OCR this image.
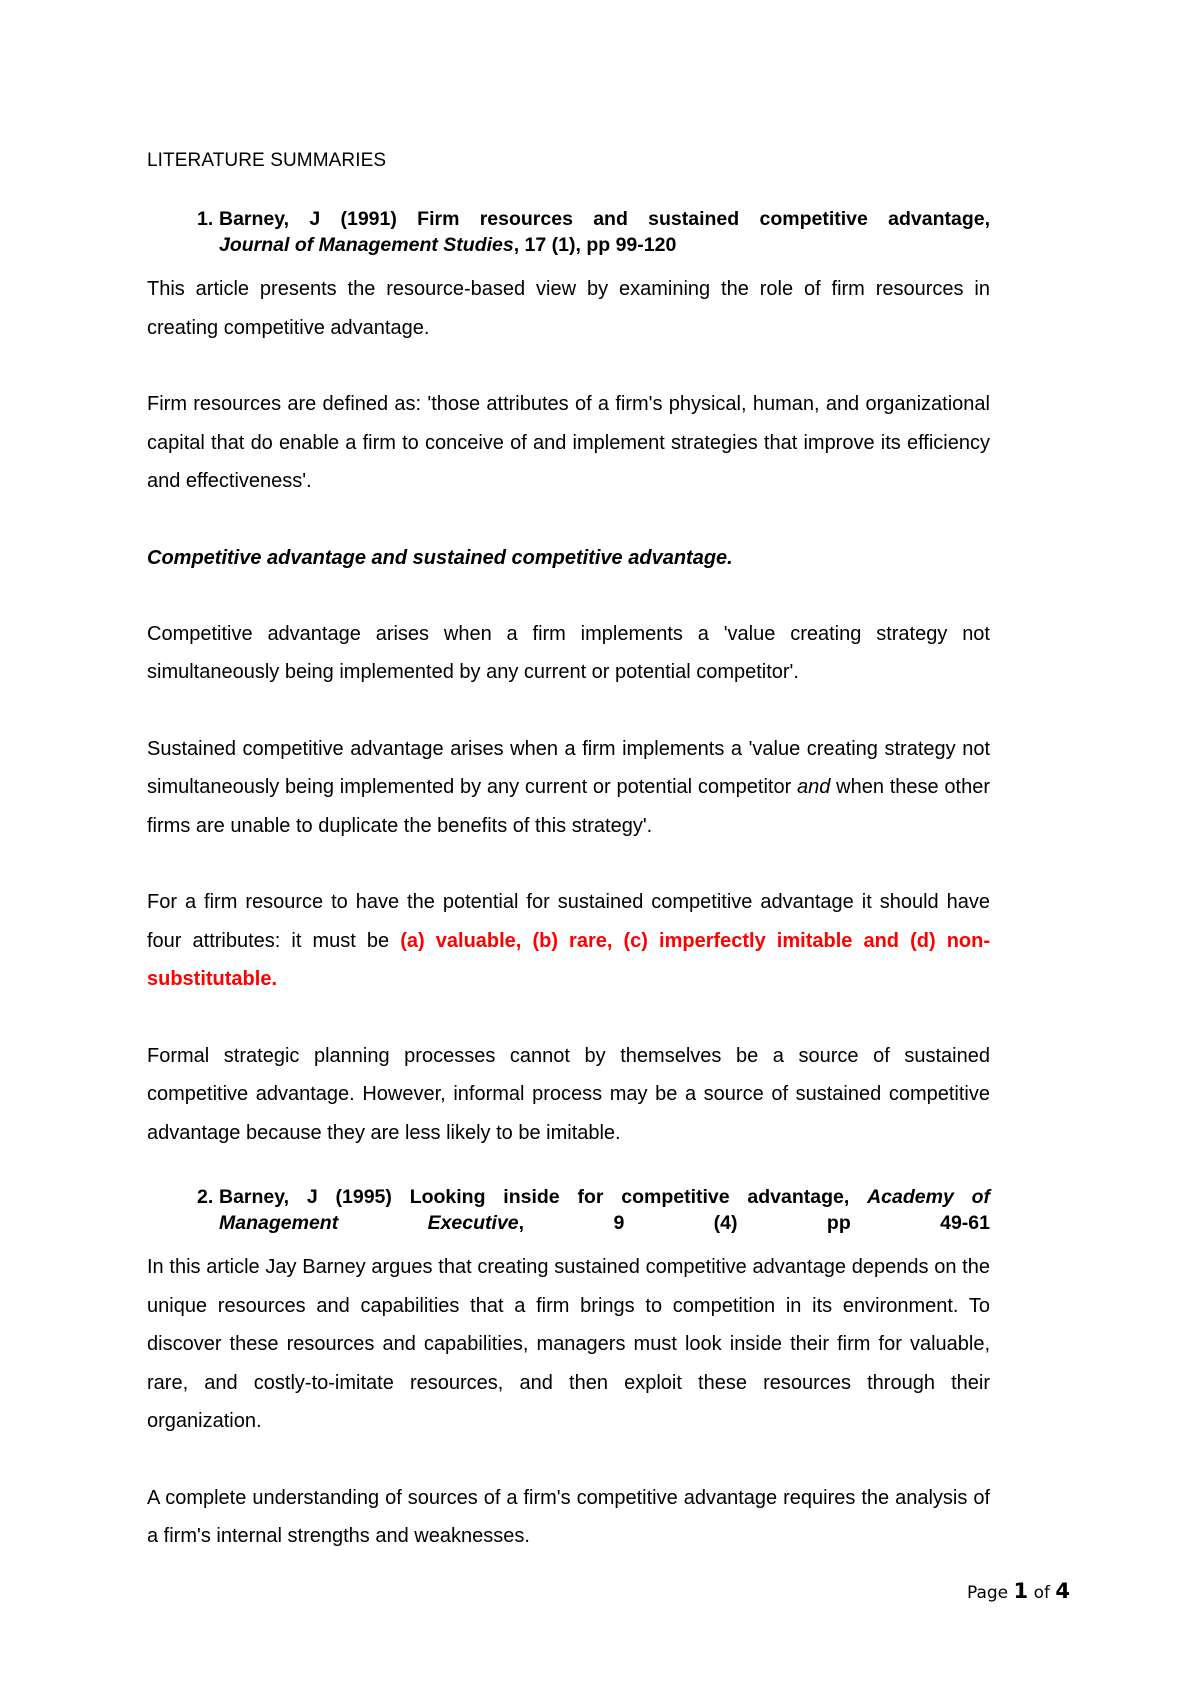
LITERATURE SUMMARIES
1. Barney, J (1991) Firm resources and sustained competitive advantage,
Journal of Management Studies, 17 (1), pp 99-120

This article presents the resource-based view by examining the role of firm resources in creating competitive advantage.

Firm resources are defined as: 'those attributes of a firm's physical, human, and organizational capital that do enable a firm to conceive of and implement strategies that improve its efficiency and effectiveness'.

Competitive advantage and sustained competitive advantage.

Competitive advantage arises when a firm implements a 'value creating strategy not simultaneously being implemented by any current or potential competitor'.

Sustained competitive advantage arises when a firm implements a 'value creating strategy not simultaneously being implemented by any current or potential competitor and when these other firms are unable to duplicate the benefits of this strategy'.

For a firm resource to have the potential for sustained competitive advantage it should have four attributes: it must be (a) valuable, (b) rare, (c) imperfectly imitable and (d) non-substitutable.

Formal strategic planning processes cannot by themselves be a source of sustained competitive advantage. However, informal process may be a source of sustained competitive advantage because they are less likely to be imitable.

2. Barney, J (1995) Looking inside for competitive advantage, Academy of Management Executive, 9 (4) pp 49-61

In this article Jay Barney argues that creating sustained competitive advantage depends on the unique resources and capabilities that a firm brings to competition in its environment. To discover these resources and capabilities, managers must look inside their firm for valuable, rare, and costly-to-imitate resources, and then exploit these resources through their organization.

A complete understanding of sources of a firm's competitive advantage requires the analysis of a firm's internal strengths and weaknesses.

Page 1 of 4
